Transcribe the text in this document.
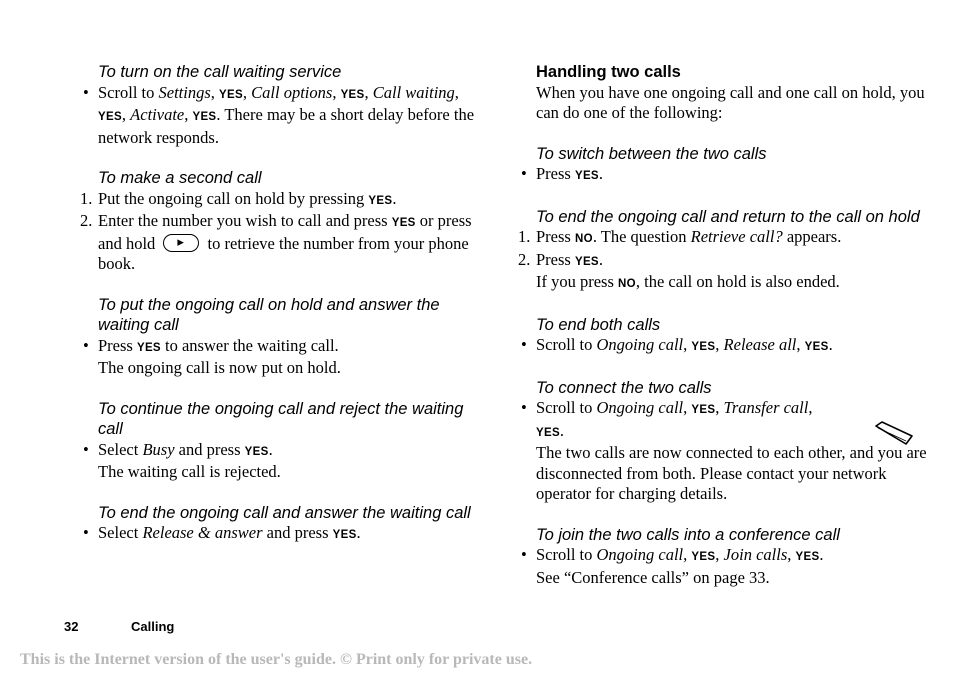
To turn on the call waiting service
• Scroll to Settings, YES, Call options, YES, Call waiting, YES, Activate, YES. There may be a short delay before the network responds.
To make a second call
1. Put the ongoing call on hold by pressing YES.
2. Enter the number you wish to call and press YES or press and hold ▸	to retrieve the number from your phone book.
To put the ongoing call on hold and answer the waiting call
• Press YES to answer the waiting call.
The ongoing call is now put on hold.
To continue the ongoing call and reject the waiting call
• Select Busy and press YES.
The waiting call is rejected.
To end the ongoing call and answer the waiting call
• Select Release & answer and press YES.
Handling two calls
When you have one ongoing call and one call on hold, you can do one of the following:
To switch between the two calls
• Press YES.
To end the ongoing call and return to the call on hold
1. Press NO. The question Retrieve call? appears.
2. Press YES.
If you press NO, the call on hold is also ended.
To end both calls
• Scroll to Ongoing call, YES, Release all, YES.
To connect the two calls
• Scroll to Ongoing call, YES, Transfer call,
YES.
The two calls are now connected to each other, and you are disconnected from both. Please contact your network operator for charging details.
To join the two calls into a conference call
• Scroll to Ongoing call, YES, Join calls, YES.
See “Conference calls” on page 33.
32	Calling
This is the Internet version of the user's guide. © Print only for private use.
